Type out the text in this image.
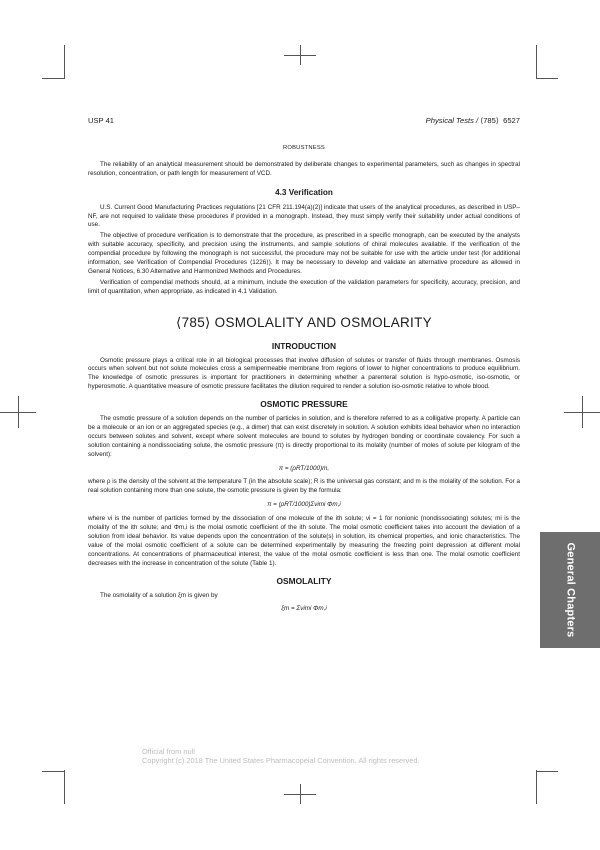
USP 41	Physical Tests / ⟨785⟩ 6527
ROBUSTNESS

The reliability of an analytical measurement should be demonstrated by deliberate changes to experimental parameters, such as changes in spectral resolution, concentration, or path length for measurement of VCD.

4.3 Verification

U.S. Current Good Manufacturing Practices regulations [21 CFR 211.194(a)(2)] indicate that users of the analytical procedures, as described in USP–NF, are not required to validate these procedures if provided in a monograph. Instead, they must simply verify their suitability under actual conditions of use.

The objective of procedure verification is to demonstrate that the procedure, as prescribed in a specific monograph, can be executed by the analysts with suitable accuracy, specificity, and precision using the instruments, and sample solutions of chiral molecules available. If the verification of the compendial procedure by following the monograph is not successful, the procedure may not be suitable for use with the article under test (for additional information, see Verification of Compendial Procedures ⟨1226⟩). It may be necessary to develop and validate an alternative procedure as allowed in General Notices, 6.30 Alternative and Harmonized Methods and Procedures.

Verification of compendial methods should, at a minimum, include the execution of the validation parameters for specificity, accuracy, precision, and limit of quantitation, when appropriate, as indicated in 4.1 Validation.

⟨785⟩ OSMOLALITY AND OSMOLARITY
INTRODUCTION

Osmotic pressure plays a critical role in all biological processes that involve diffusion of solutes or transfer of fluids through membranes. Osmosis occurs when solvent but not solute molecules cross a semipermeable membrane from regions of lower to higher concentrations to produce equilibrium. The knowledge of osmotic pressures is important for practitioners in determining whether a parenteral solution is hypo-osmotic, iso-osmotic, or hyperosmotic. A quantitative measure of osmotic pressure facilitates the dilution required to render a solution iso-osmotic relative to whole blood.

OSMOTIC PRESSURE

The osmotic pressure of a solution depends on the number of particles in solution, and is therefore referred to as a colligative property. A particle can be a molecule or an ion or an aggregated species (e.g., a dimer) that can exist discretely in solution. A solution exhibits ideal behavior when no interaction occurs between solutes and solvent, except where solvent molecules are bound to solutes by hydrogen bonding or coordinate covalency. For such a solution containing a nondissociating solute, the osmotic pressure (π) is directly proportional to its molality (number of moles of solute per kilogram of the solvent):

π = (ρRT/1000)m,

where ρ is the density of the solvent at the temperature T (in the absolute scale); R is the universal gas constant; and m is the molality of the solution. For a real solution containing more than one solute, the osmotic pressure is given by the formula:

π = (ρRT/1000)Σνimi Φm,i

where νi is the number of particles formed by the dissociation of one molecule of the ith solute; νi = 1 for nonionic (nondissociating) solutes; mi is the molality of the ith solute; and Φm,i is the molal osmotic coefficient of the ith solute. The molal osmotic coefficient takes into account the deviation of a solution from ideal behavior. Its value depends upon the concentration of the solute(s) in solution, its chemical properties, and ionic characteristics. The value of the molal osmotic coefficient of a solute can be determined experimentally by measuring the freezing point depression at different molal concentrations. At concentrations of pharmaceutical interest, the value of the molal osmotic coefficient is less than one. The molal osmotic coefficient decreases with the increase in concentration of the solute (Table 1).

OSMOLALITY

The osmolality of a solution ξm is given by

ξm = Σνimi Φm,i	General Chapters
Official from null
Copyright (c) 2018 The United States Pharmacopeial Convention. All rights reserved.
